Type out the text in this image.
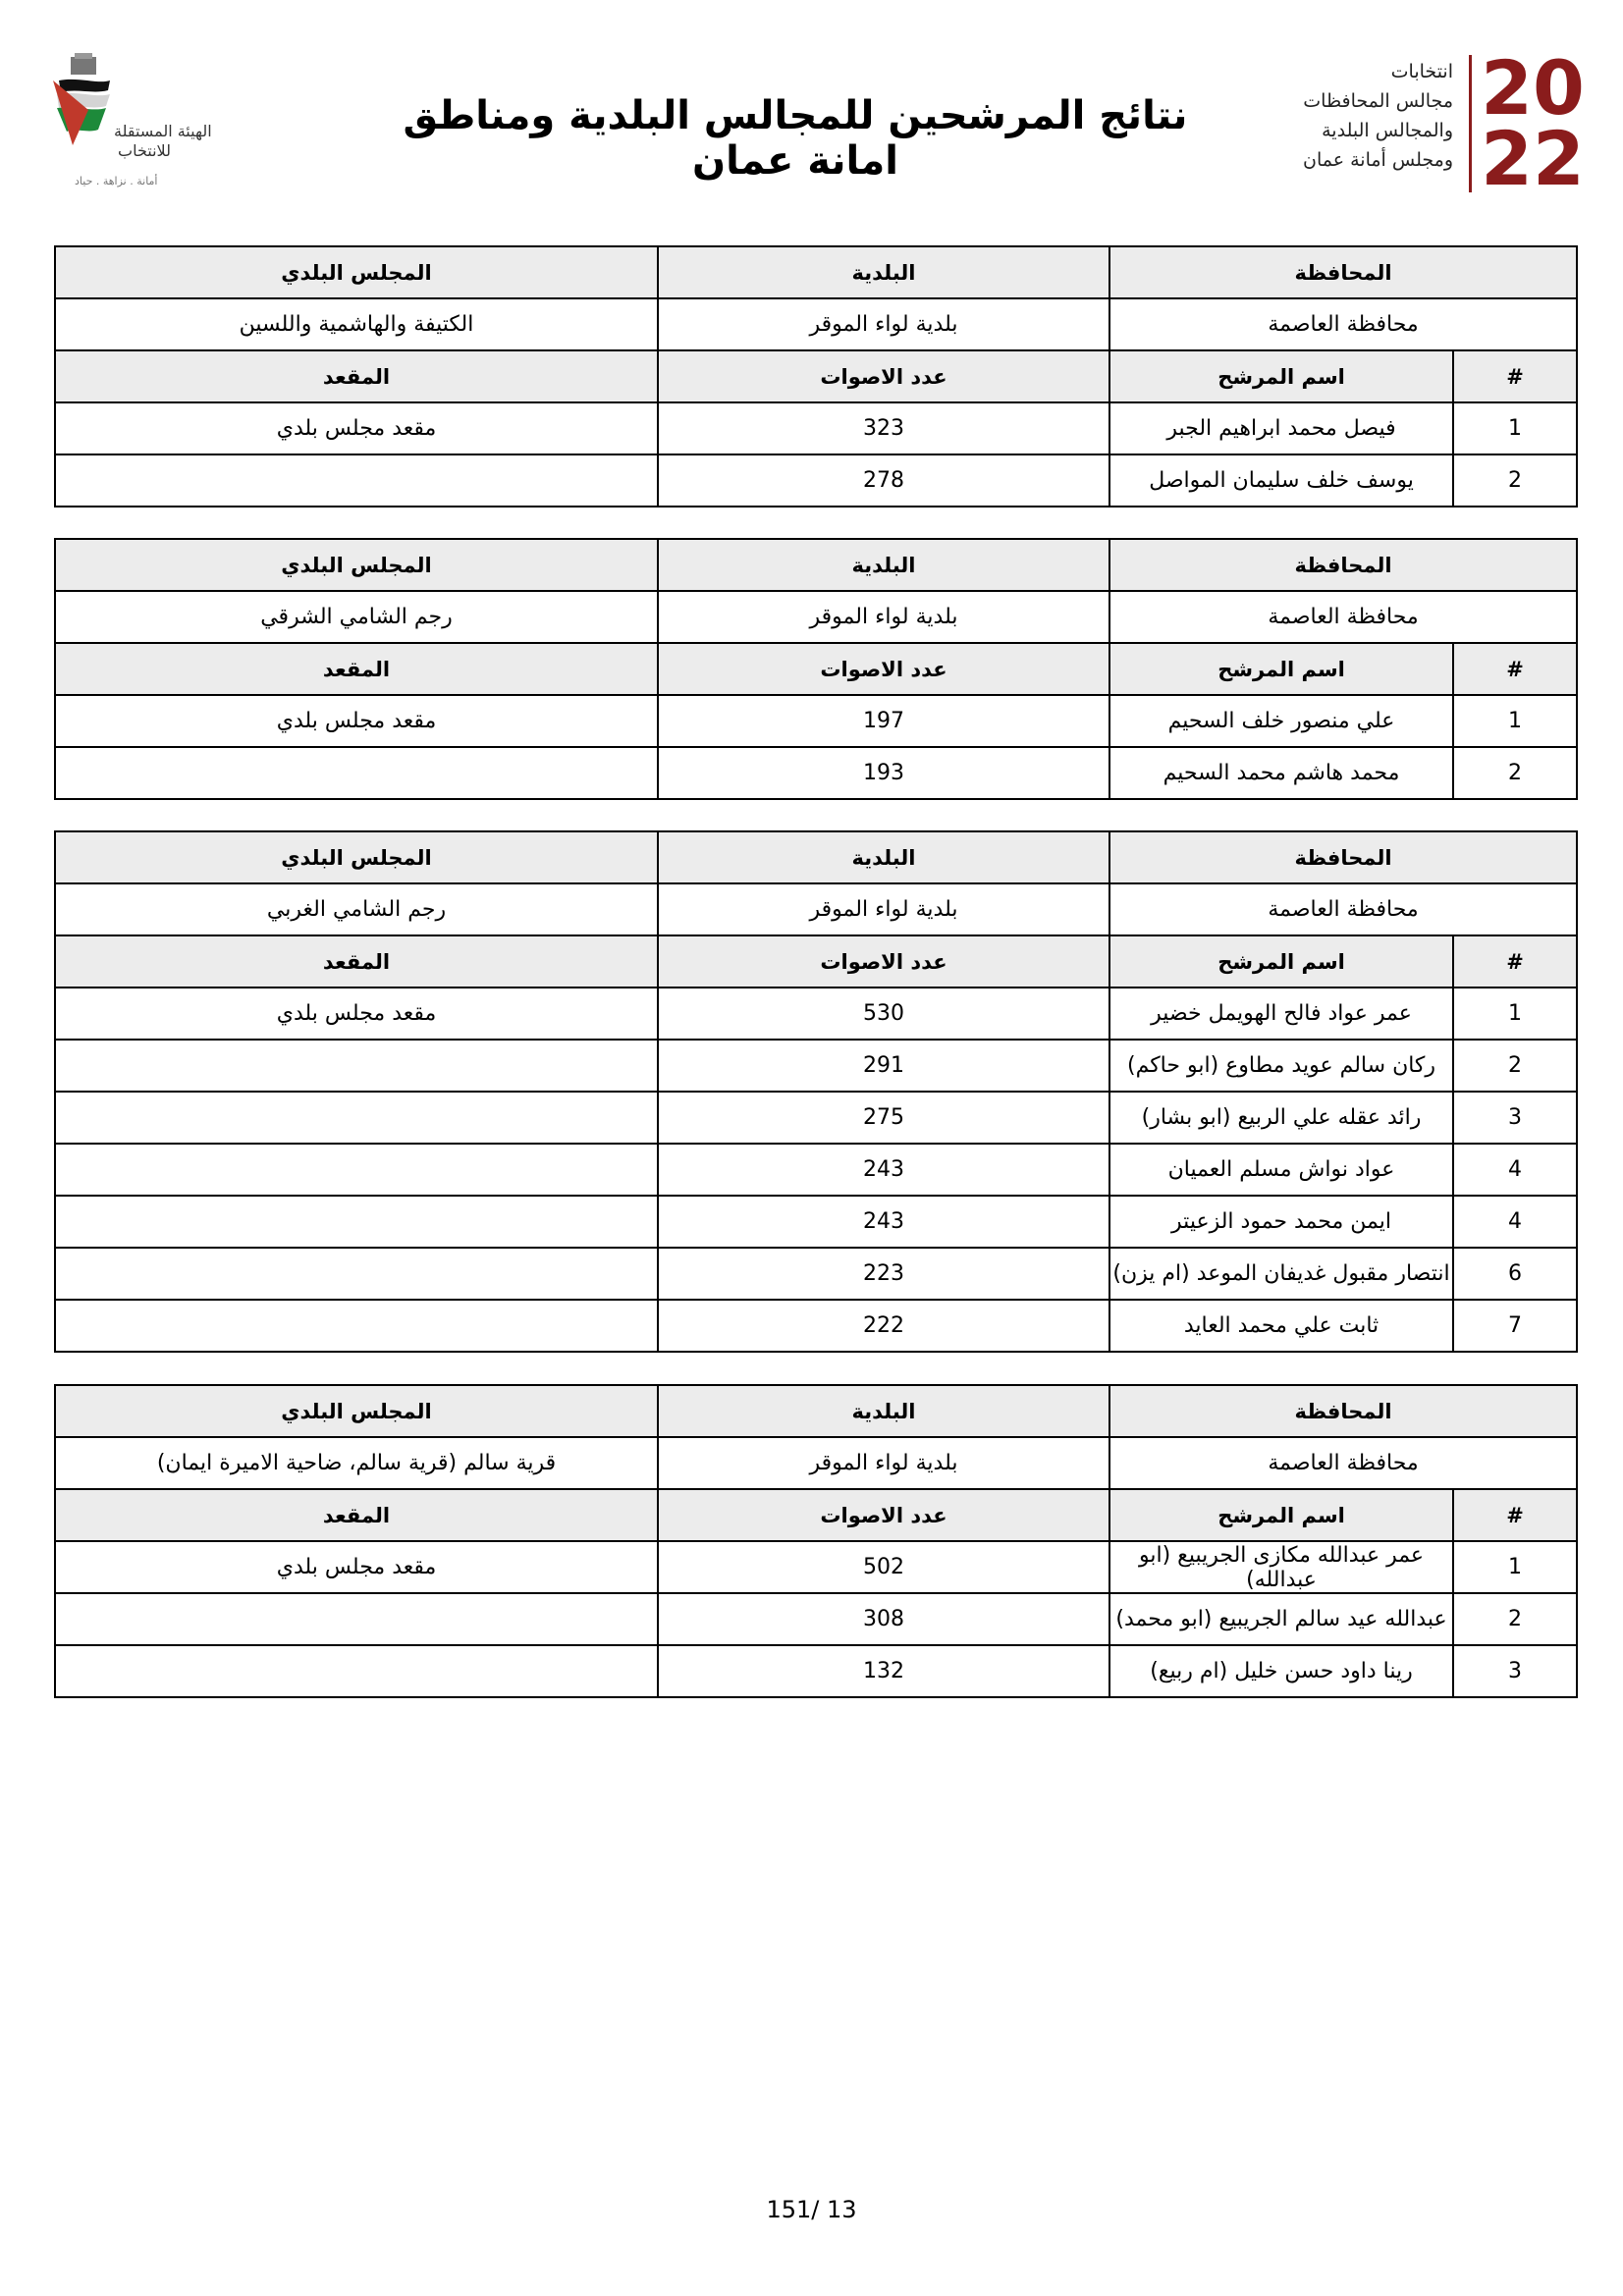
الهيئة المستقلة
للانتخاب
أمانة . نزاهة . حياد
نتائج المرشحين للمجالس البلدية ومناطق امانة عمان
انتخابات
مجالس المحافظات
والمجالس البلدية
ومجلس أمانة عمان
20
22
المحافظة		البلدية	المجلس البلدي
محافظة العاصمة		بلدية لواء الموقر	الكتيفة والهاشمية واللسين
#	اسم المرشح	عدد الاصوات	المقعد
1	فيصل محمد ابراهيم الجبر	323	مقعد مجلس بلدي
2	يوسف خلف سليمان المواصل	278	
المحافظة		البلدية	المجلس البلدي
محافظة العاصمة		بلدية لواء الموقر	رجم الشامي الشرقي
#	اسم المرشح	عدد الاصوات	المقعد
1	علي منصور خلف السحيم	197	مقعد مجلس بلدي
2	محمد هاشم محمد السحيم	193	
المحافظة		البلدية	المجلس البلدي
محافظة العاصمة		بلدية لواء الموقر	رجم الشامي الغربي
#	اسم المرشح	عدد الاصوات	المقعد
1	عمر عواد فالح الهويمل خضير	530	مقعد مجلس بلدي
2	ركان سالم عويد مطاوع (ابو حاكم)	291	
3	رائد عقله علي الربيع (ابو بشار)	275	
4	عواد نواش مسلم العميان	243	
4	ايمن محمد حمود الزعيتر	243	
6	انتصار مقبول غديفان الموعد (ام يزن)	223	
7	ثابت علي محمد العايد	222	
المحافظة		البلدية	المجلس البلدي
محافظة العاصمة		بلدية لواء الموقر	قرية سالم (قرية سالم، ضاحية الاميرة ايمان)
#	اسم المرشح	عدد الاصوات	المقعد
1	عمر عبدالله مكازى الجريبيع (ابو عبدالله)	502	مقعد مجلس بلدي
2	عبدالله عيد سالم الجريبيع (ابو محمد)	308	
3	رينا داود حسن خليل (ام ربيع)	132	
151/ 13
